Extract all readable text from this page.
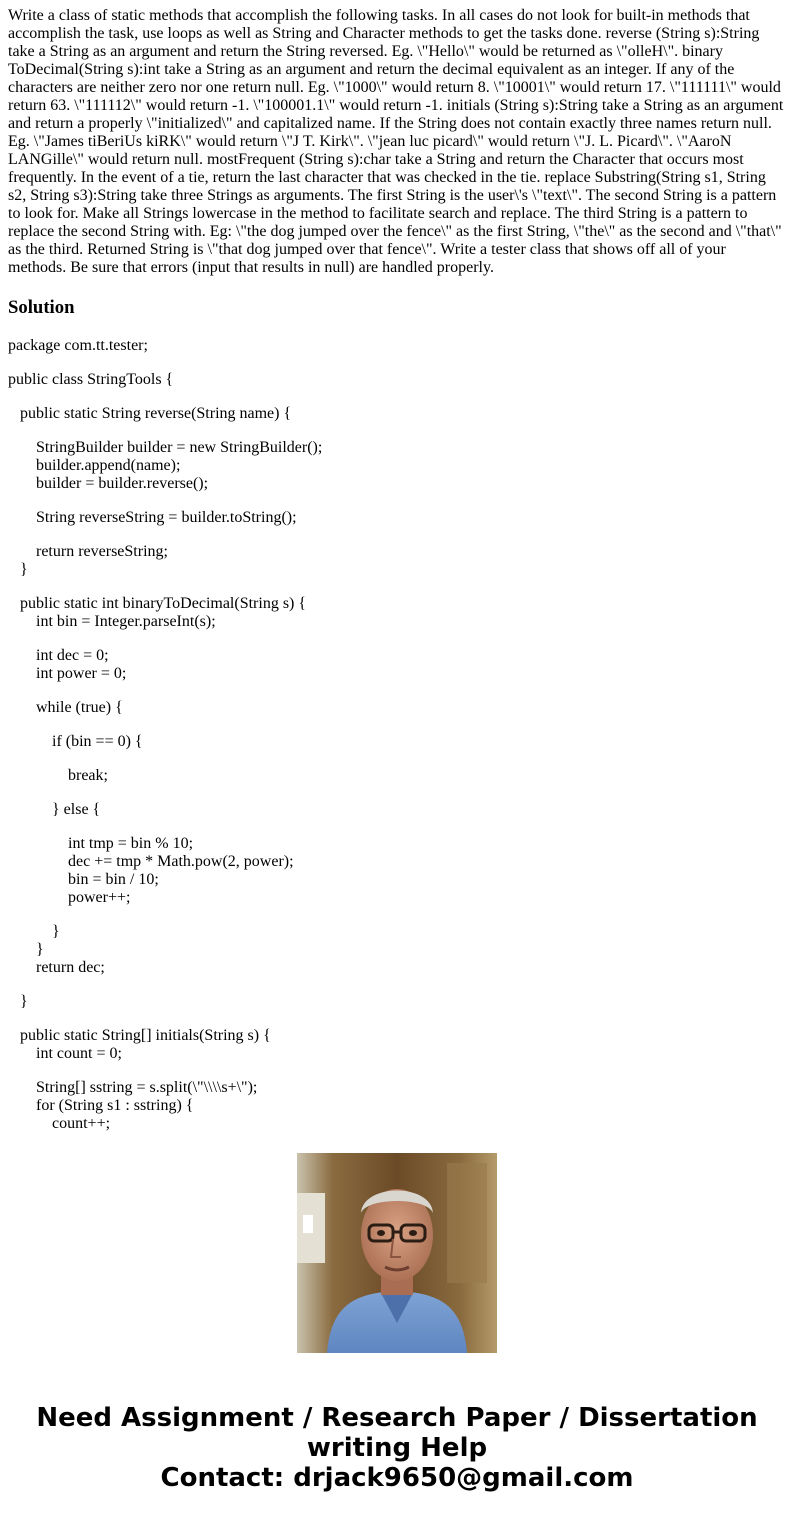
Write a class of static methods that accomplish the following tasks. In all cases do not look for built-in methods that accomplish the task, use loops as well as String and Character methods to get the tasks done. reverse (String s):String take a String as an argument and return the String reversed. Eg. \"Hello\" would be returned as \"olleH\". binary ToDecimal(String s):int take a String as an argument and return the decimal equivalent as an integer. If any of the characters are neither zero nor one return null. Eg. \"1000\" would return 8. \"10001\" would return 17. \"111111\" would return 63. \"111112\" would return -1. \"100001.1\" would return -1. initials (String s):String take a String as an argument and return a properly \"initialized\" and capitalized name. If the String does not contain exactly three names return null. Eg. \"James tiBeriUs kiRK\" would return \"J T. Kirk\". \"jean luc picard\" would return \"J. L. Picard\". \"AaroN LANGille\" would return null. mostFrequent (String s):char take a String and return the Character that occurs most frequently. In the event of a tie, return the last character that was checked in the tie. replace Substring(String s1, String s2, String s3):String take three Strings as arguments. The first String is the user\'s \"text\". The second String is a pattern to look for. Make all Strings lowercase in the method to facilitate search and replace. The third String is a pattern to replace the second String with. Eg: \"the dog jumped over the fence\" as the first String, \"the\" as the second and \"that\" as the third. Returned String is \"that dog jumped over that fence\". Write a tester class that shows off all of your methods. Be sure that errors (input that results in null) are handled properly.

Solution
package com.tt.tester;
public class StringTools {
public static String reverse(String name) {
StringBuilder builder = new StringBuilder();
builder.append(name);
builder = builder.reverse();
String reverseString = builder.toString();
return reverseString;
}
public static int binaryToDecimal(String s) {
int bin = Integer.parseInt(s);
int dec = 0;
int power = 0;
while (true) {
if (bin == 0) {
break;
} else {
int tmp = bin % 10;
dec += tmp * Math.pow(2, power);
bin = bin / 10;
power++;
}
}
return dec;
}
public static String[] initials(String s) {
int count = 0;
String[] sstring = s.split(\"\\\\s+\");
for (String s1 : sstring) {
count++;
Need Assignment / Research Paper / Dissertation
writing Help
Contact: drjack9650@gmail.com
